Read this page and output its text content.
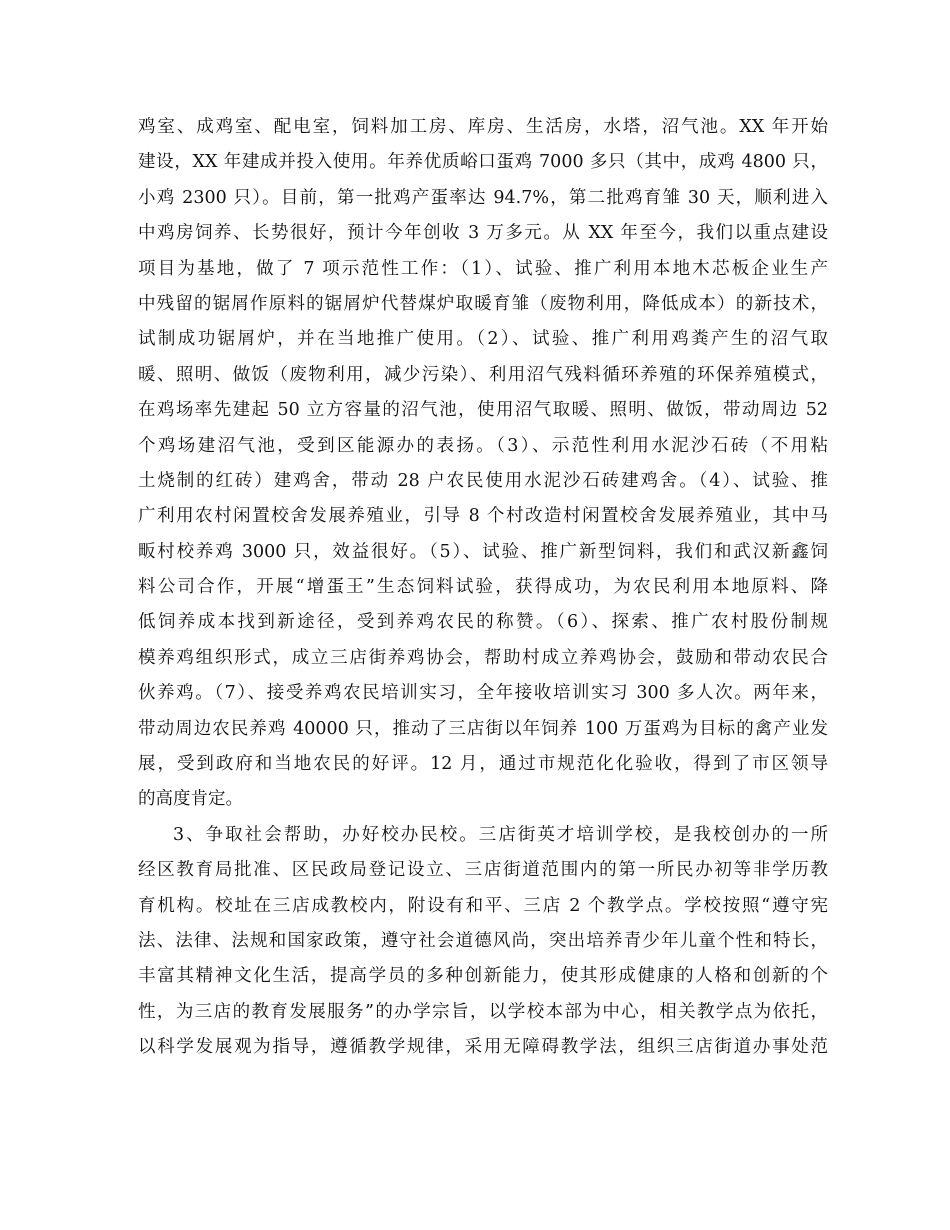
鸡室、成鸡室、配电室，饲料加工房、库房、生活房，水塔，沼气池。XX 年开始
建设，XX 年建成并投入使用。年养优质峪口蛋鸡 7000 多只（其中，成鸡 4800 只，
小鸡 2300 只）。目前，第一批鸡产蛋率达 94.7%，第二批鸡育雏 30 天，顺利进入
中鸡房饲养、长势很好，预计今年创收 3 万多元。从 XX 年至今，我们以重点建设
项目为基地，做了 7 项示范性工作：（1）、试验、推广利用本地木芯板企业生产
中残留的锯屑作原料的锯屑炉代替煤炉取暖育雏（废物利用，降低成本）的新技术，
试制成功锯屑炉，并在当地推广使用。（2）、试验、推广利用鸡粪产生的沼气取
暖、照明、做饭（废物利用，减少污染）、利用沼气残料循环养殖的环保养殖模式，
在鸡场率先建起 50 立方容量的沼气池，使用沼气取暖、照明、做饭，带动周边 52
个鸡场建沼气池，受到区能源办的表扬。（3）、示范性利用水泥沙石砖（不用粘
土烧制的红砖）建鸡舍，带动 28 户农民使用水泥沙石砖建鸡舍。（4）、试验、推
广利用农村闲置校舍发展养殖业，引导 8 个村改造村闲置校舍发展养殖业，其中马
畈村校养鸡 3000 只，效益很好。（5）、试验、推广新型饲料，我们和武汉新鑫饲
料公司合作，开展“增蛋王”生态饲料试验，获得成功，为农民利用本地原料、降
低饲养成本找到新途径，受到养鸡农民的称赞。（6）、探索、推广农村股份制规
模养鸡组织形式，成立三店街养鸡协会，帮助村成立养鸡协会，鼓励和带动农民合
伙养鸡。（7）、接受养鸡农民培训实习，全年接收培训实习 300 多人次。两年来，
带动周边农民养鸡 40000 只，推动了三店街以年饲养 100 万蛋鸡为目标的禽产业发
展，受到政府和当地农民的好评。12 月，通过市规范化化验收，得到了市区领导
的高度肯定。
3、争取社会帮助，办好校办民校。三店街英才培训学校，是我校创办的一所
经区教育局批准、区民政局登记设立、三店街道范围内的第一所民办初等非学历教
育机构。校址在三店成教校内，附设有和平、三店 2 个教学点。学校按照“遵守宪
法、法律、法规和国家政策，遵守社会道德风尚，突出培养青少年儿童个性和特长，
丰富其精神文化生活，提高学员的多种创新能力，使其形成健康的人格和创新的个
性，为三店的教育发展服务”的办学宗旨，以学校本部为中心，相关教学点为依托，
以科学发展观为指导，遵循教学规律，采用无障碍教学法，组织三店街道办事处范
